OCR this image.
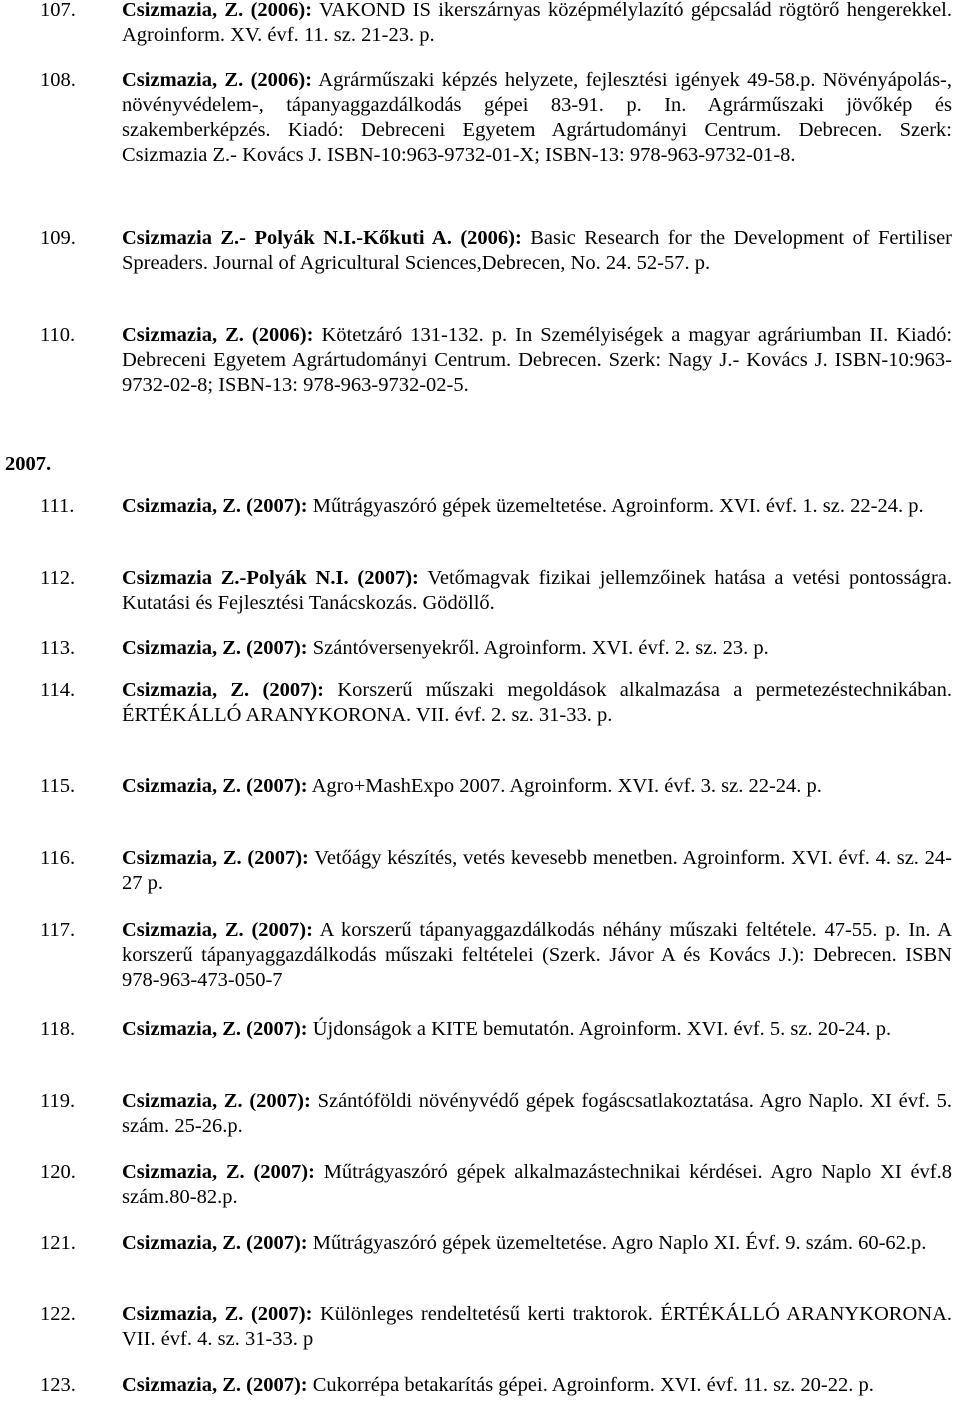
107.	Csizmazia, Z. (2006): VAKOND IS ikerszárnyas középmélylazító gépcsalád rögtörő hengerekkel. Agroinform. XV. évf. 11. sz. 21-23. p.
108.	Csizmazia, Z. (2006): Agrárműszaki képzés helyzete, fejlesztési igények 49-58.p. Növényápolás-, növényvédelem-, tápanyaggazdálkodás gépei 83-91. p. In. Agrárműszaki jövőkép és szakemberképzés. Kiadó: Debreceni Egyetem Agrártudományi Centrum. Debrecen. Szerk: Csizmazia Z.- Kovács J. ISBN-10:963-9732-01-X; ISBN-13: 978-963-9732-01-8.
109.	Csizmazia Z.- Polyák N.I.-Kőkuti A. (2006): Basic Research for the Development of Fertiliser Spreaders. Journal of Agricultural Sciences,Debrecen, No. 24. 52-57. p.
110.	Csizmazia, Z. (2006): Kötetzáró 131-132. p. In Személyiségek a magyar agráriumban II. Kiadó: Debreceni Egyetem Agrártudományi Centrum. Debrecen. Szerk: Nagy J.- Kovács J. ISBN-10:963-9732-02-8; ISBN-13: 978-963-9732-02-5.
2007.
111.	Csizmazia, Z. (2007): Műtrágyaszóró gépek üzemeltetése. Agroinform. XVI. évf. 1. sz. 22-24. p.
112.	Csizmazia Z.-Polyák N.I. (2007): Vetőmagvak fizikai jellemzőinek hatása a vetési pontosságra. Kutatási és Fejlesztési Tanácskozás. Gödöllő.
113.	Csizmazia, Z. (2007): Szántóversenyekről. Agroinform. XVI. évf. 2. sz. 23. p.
114.	Csizmazia, Z. (2007): Korszerű műszaki megoldások alkalmazása a permetezéstechnikában. ÉRTÉKÁLLÓ ARANYKORONA. VII. évf. 2. sz. 31-33. p.
115.	Csizmazia, Z. (2007): Agro+MashExpo 2007. Agroinform. XVI. évf. 3. sz. 22-24. p.
116.	Csizmazia, Z. (2007): Vetőágy készítés, vetés kevesebb menetben. Agroinform. XVI. évf. 4. sz. 24-27 p.
117.	Csizmazia, Z. (2007): A korszerű tápanyaggazdálkodás néhány műszaki feltétele. 47-55. p. In. A korszerű tápanyaggazdálkodás műszaki feltételei (Szerk. Jávor A és Kovács J.): Debrecen. ISBN 978-963-473-050-7
118.	Csizmazia, Z. (2007): Újdonságok a KITE bemutatón. Agroinform. XVI. évf. 5. sz. 20-24. p.
119.	Csizmazia, Z. (2007): Szántóföldi növényvédő gépek fogáscsatlakoztatása. Agro Naplo. XI évf. 5. szám. 25-26.p.
120.	Csizmazia, Z. (2007): Műtrágyaszóró gépek alkalmazástechnikai kérdései. Agro Naplo XI évf.8 szám.80-82.p.
121.	Csizmazia, Z. (2007): Műtrágyaszóró gépek üzemeltetése. Agro Naplo XI. Évf. 9. szám. 60-62.p.
122.	Csizmazia, Z. (2007): Különleges rendeltetésű kerti traktorok. ÉRTÉKÁLLÓ ARANYKORONA. VII. évf. 4. sz. 31-33. p
123.	Csizmazia, Z. (2007): Cukorrépa betakarítás gépei. Agroinform. XVI. évf. 11. sz. 20-22. p.
